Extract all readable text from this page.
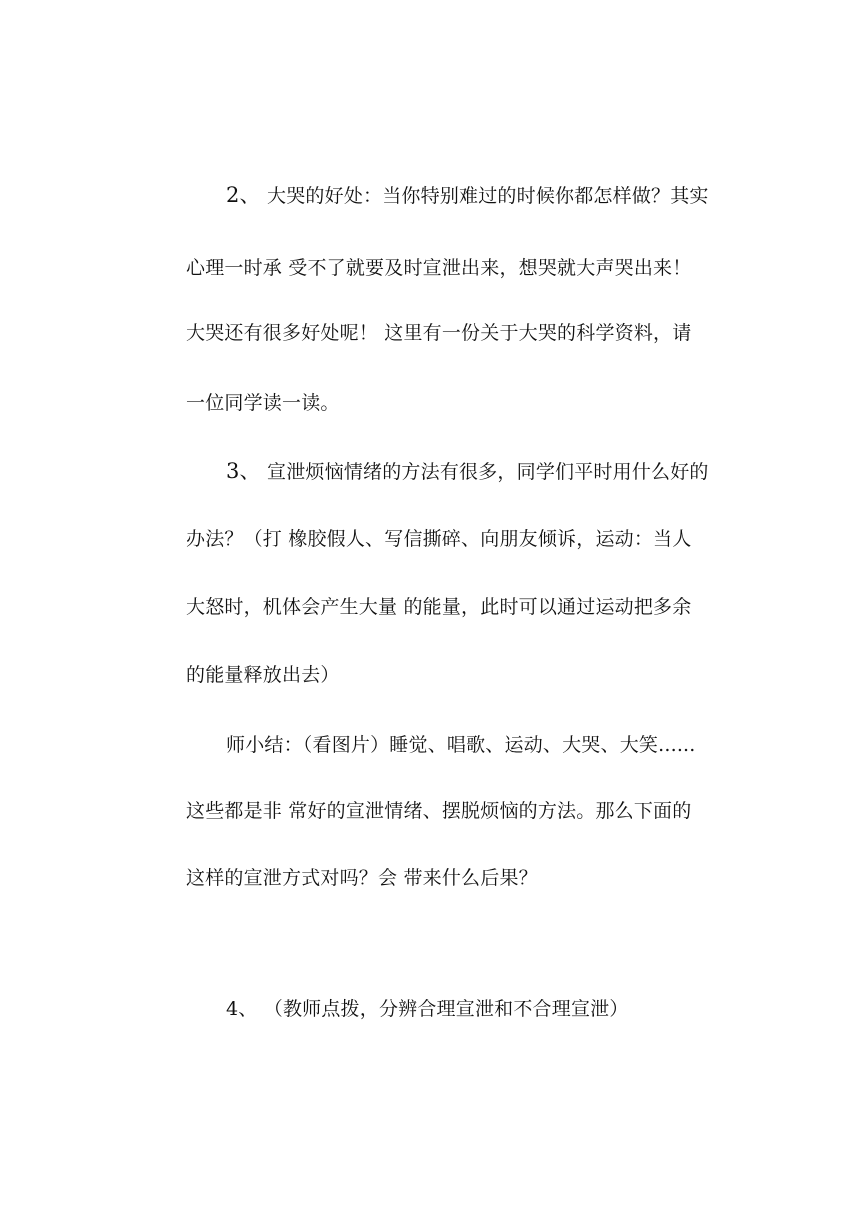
2、 大哭的好处：当你特别难过的时候你都怎样做？其实
心理一时承 受不了就要及时宣泄出来，想哭就大声哭出来！
大哭还有很多好处呢！ 这里有一份关于大哭的科学资料，请
一位同学读一读。
3、 宣泄烦恼情绪的方法有很多，同学们平时用什么好的
办法？（打 橡胶假人、写信撕碎、向朋友倾诉，运动：当人
大怒时，机体会产生大量 的能量，此时可以通过运动把多余
的能量释放出去）
师小结：（看图片）睡觉、唱歌、运动、大哭、大笑......
这些都是非 常好的宣泄情绪、摆脱烦恼的方法。那么下面的
这样的宣泄方式对吗？会 带来什么后果？
4、 （教师点拨，分辨合理宣泄和不合理宣泄）
